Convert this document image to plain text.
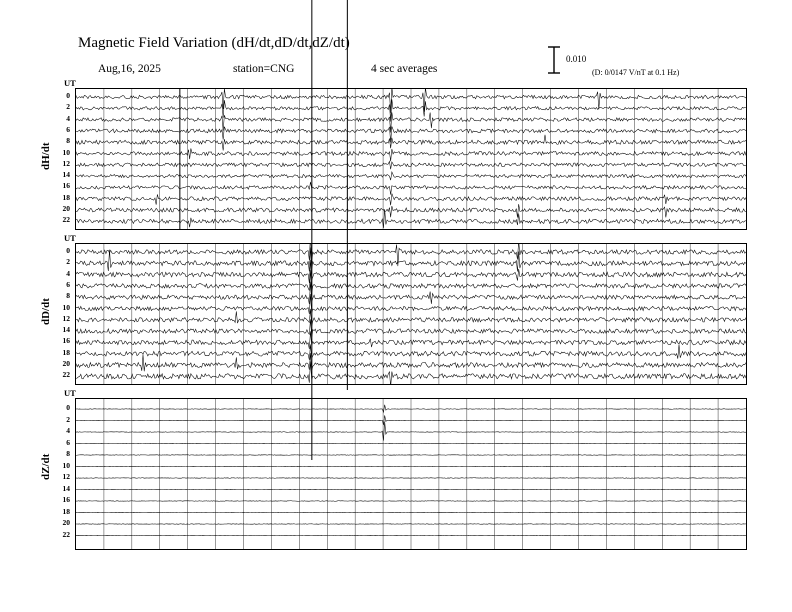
Magnetic Field Variation (dH/dt,dD/dt,dZ/dt)
Aug,16, 2025	station=CNG	4 sec averages
0.010
(D: 0/0147 V/nT at 0.1 Hz)
UT
UT
UT
dH/dt
dD/dt
dZ/dt
0
2
4
6
8
10
12
14
16
18
20
22
0
2
4
6
8
10
12
14
16
18
20
22
0
2
4
6
8
10
12
14
16
18
20
22
